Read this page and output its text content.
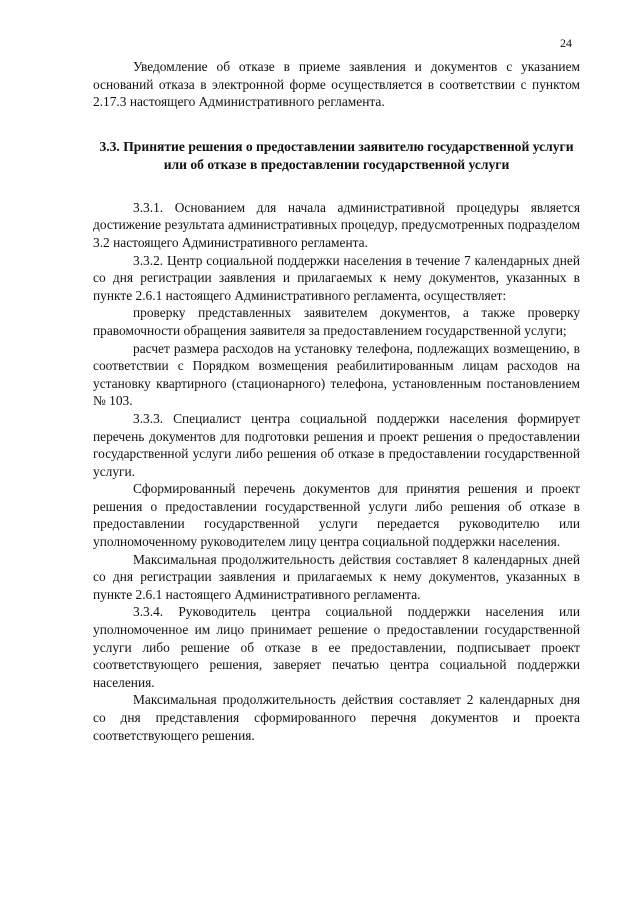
24

Уведомление об отказе в приеме заявления и документов с указанием оснований отказа в электронной форме осуществляется в соответствии с пунктом 2.17.3 настоящего Административного регламента.

3.3. Принятие решения о предоставлении заявителю государственной услуги или об отказе в предоставлении государственной услуги

3.3.1. Основанием для начала административной процедуры является достижение результата административных процедур, предусмотренных подразделом 3.2 настоящего Административного регламента.

3.3.2. Центр социальной поддержки населения в течение 7 календарных дней со дня регистрации заявления и прилагаемых к нему документов, указанных в пункте 2.6.1 настоящего Административного регламента, осуществляет:

проверку представленных заявителем документов, а также проверку правомочности обращения заявителя за предоставлением государственной услуги;

расчет размера расходов на установку телефона, подлежащих возмещению, в соответствии с Порядком возмещения реабилитированным лицам расходов на установку квартирного (стационарного) телефона, установленным постановлением № 103.

3.3.3. Специалист центра социальной поддержки населения формирует перечень документов для подготовки решения и проект решения о предоставлении государственной услуги либо решения об отказе в предоставлении государственной услуги.

Сформированный перечень документов для принятия решения и проект решения о предоставлении государственной услуги либо решения об отказе в предоставлении государственной услуги передается руководителю или уполномоченному руководителем лицу центра социальной поддержки населения.

Максимальная продолжительность действия составляет 8 календарных дней со дня регистрации заявления и прилагаемых к нему документов, указанных в пункте 2.6.1 настоящего Административного регламента.

3.3.4. Руководитель центра социальной поддержки населения или уполномоченное им лицо принимает решение о предоставлении государственной услуги либо решение об отказе в ее предоставлении, подписывает проект соответствующего решения, заверяет печатью центра социальной поддержки населения.

Максимальная продолжительность действия составляет 2 календарных дня со дня представления сформированного перечня документов и проекта соответствующего решения.
